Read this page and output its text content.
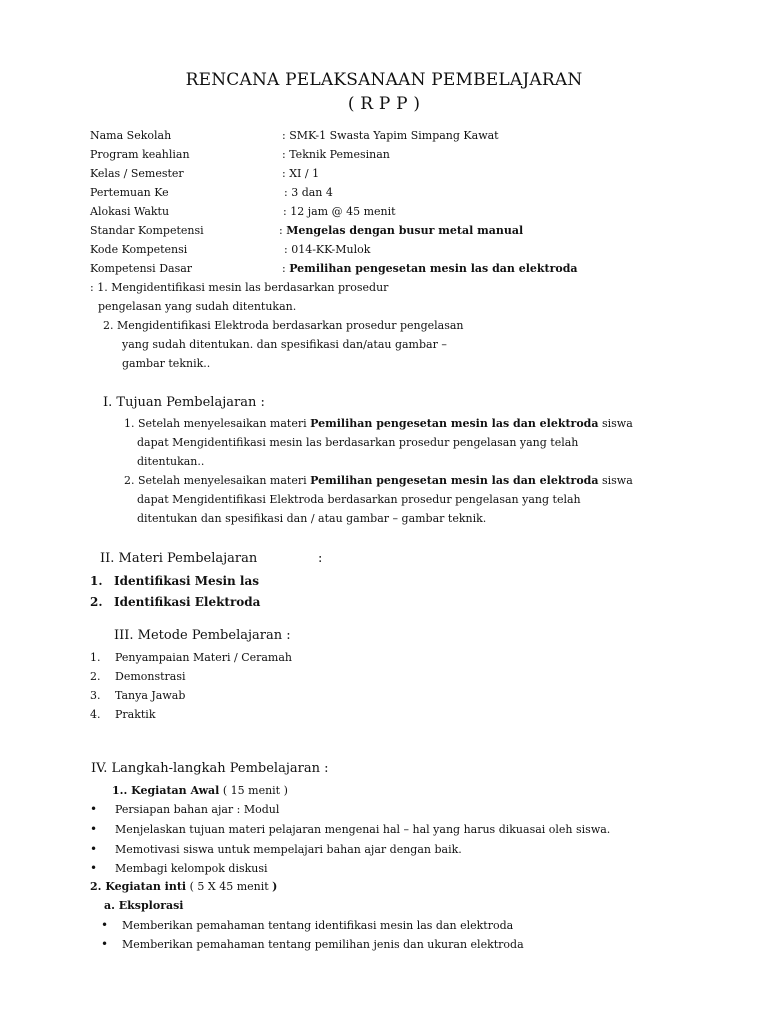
RENCANA PELAKSANAAN PEMBELAJARAN
( R P P )
Nama Sekolah	: SMK-1 Swasta Yapim Simpang Kawat
Program keahlian	: Teknik Pemesinan
Kelas / Semester	: XI / 1
Pertemuan Ke	: 3 dan 4
Alokasi Waktu	: 12 jam @ 45 menit
Standar Kompetensi	: Mengelas dengan busur metal manual
Kode Kompetensi	: 014-KK-Mulok
Kompetensi Dasar	: Pemilihan pengesetan mesin las dan elektroda
: 1. Mengidentifikasi mesin las berdasarkan prosedur
pengelasan yang sudah ditentukan.
2. Mengidentifikasi Elektroda berdasarkan prosedur pengelasan
yang sudah ditentukan. dan spesifikasi dan/atau gambar –
gambar teknik..
I. Tujuan Pembelajaran :
1. Setelah menyelesaikan materi Pemilihan pengesetan mesin las dan elektroda siswa
dapat Mengidentifikasi mesin las berdasarkan prosedur pengelasan yang telah
ditentukan..
2. Setelah menyelesaikan materi Pemilihan pengesetan mesin las dan elektroda siswa
dapat Mengidentifikasi Elektroda berdasarkan prosedur pengelasan yang telah
ditentukan dan spesifikasi dan / atau gambar – gambar teknik.
II. Materi Pembelajaran	:
1. Identifikasi Mesin las
2. Identifikasi Elektroda
III. Metode Pembelajaran :
1. Penyampaian Materi / Ceramah
2. Demonstrasi
3. Tanya Jawab
4. Praktik
IV. Langkah-langkah Pembelajaran :
1.. Kegiatan Awal ( 15 menit )
• Persiapan bahan ajar : Modul
• Menjelaskan tujuan materi pelajaran mengenai hal – hal yang harus dikuasai oleh siswa.
• Memotivasi siswa untuk mempelajari bahan ajar dengan baik.
• Membagi kelompok diskusi
2. Kegiatan inti ( 5 X 45 menit )
a. Eksplorasi
• Memberikan pemahaman tentang identifikasi mesin las dan elektroda
• Memberikan pemahaman tentang pemilihan jenis dan ukuran elektroda
